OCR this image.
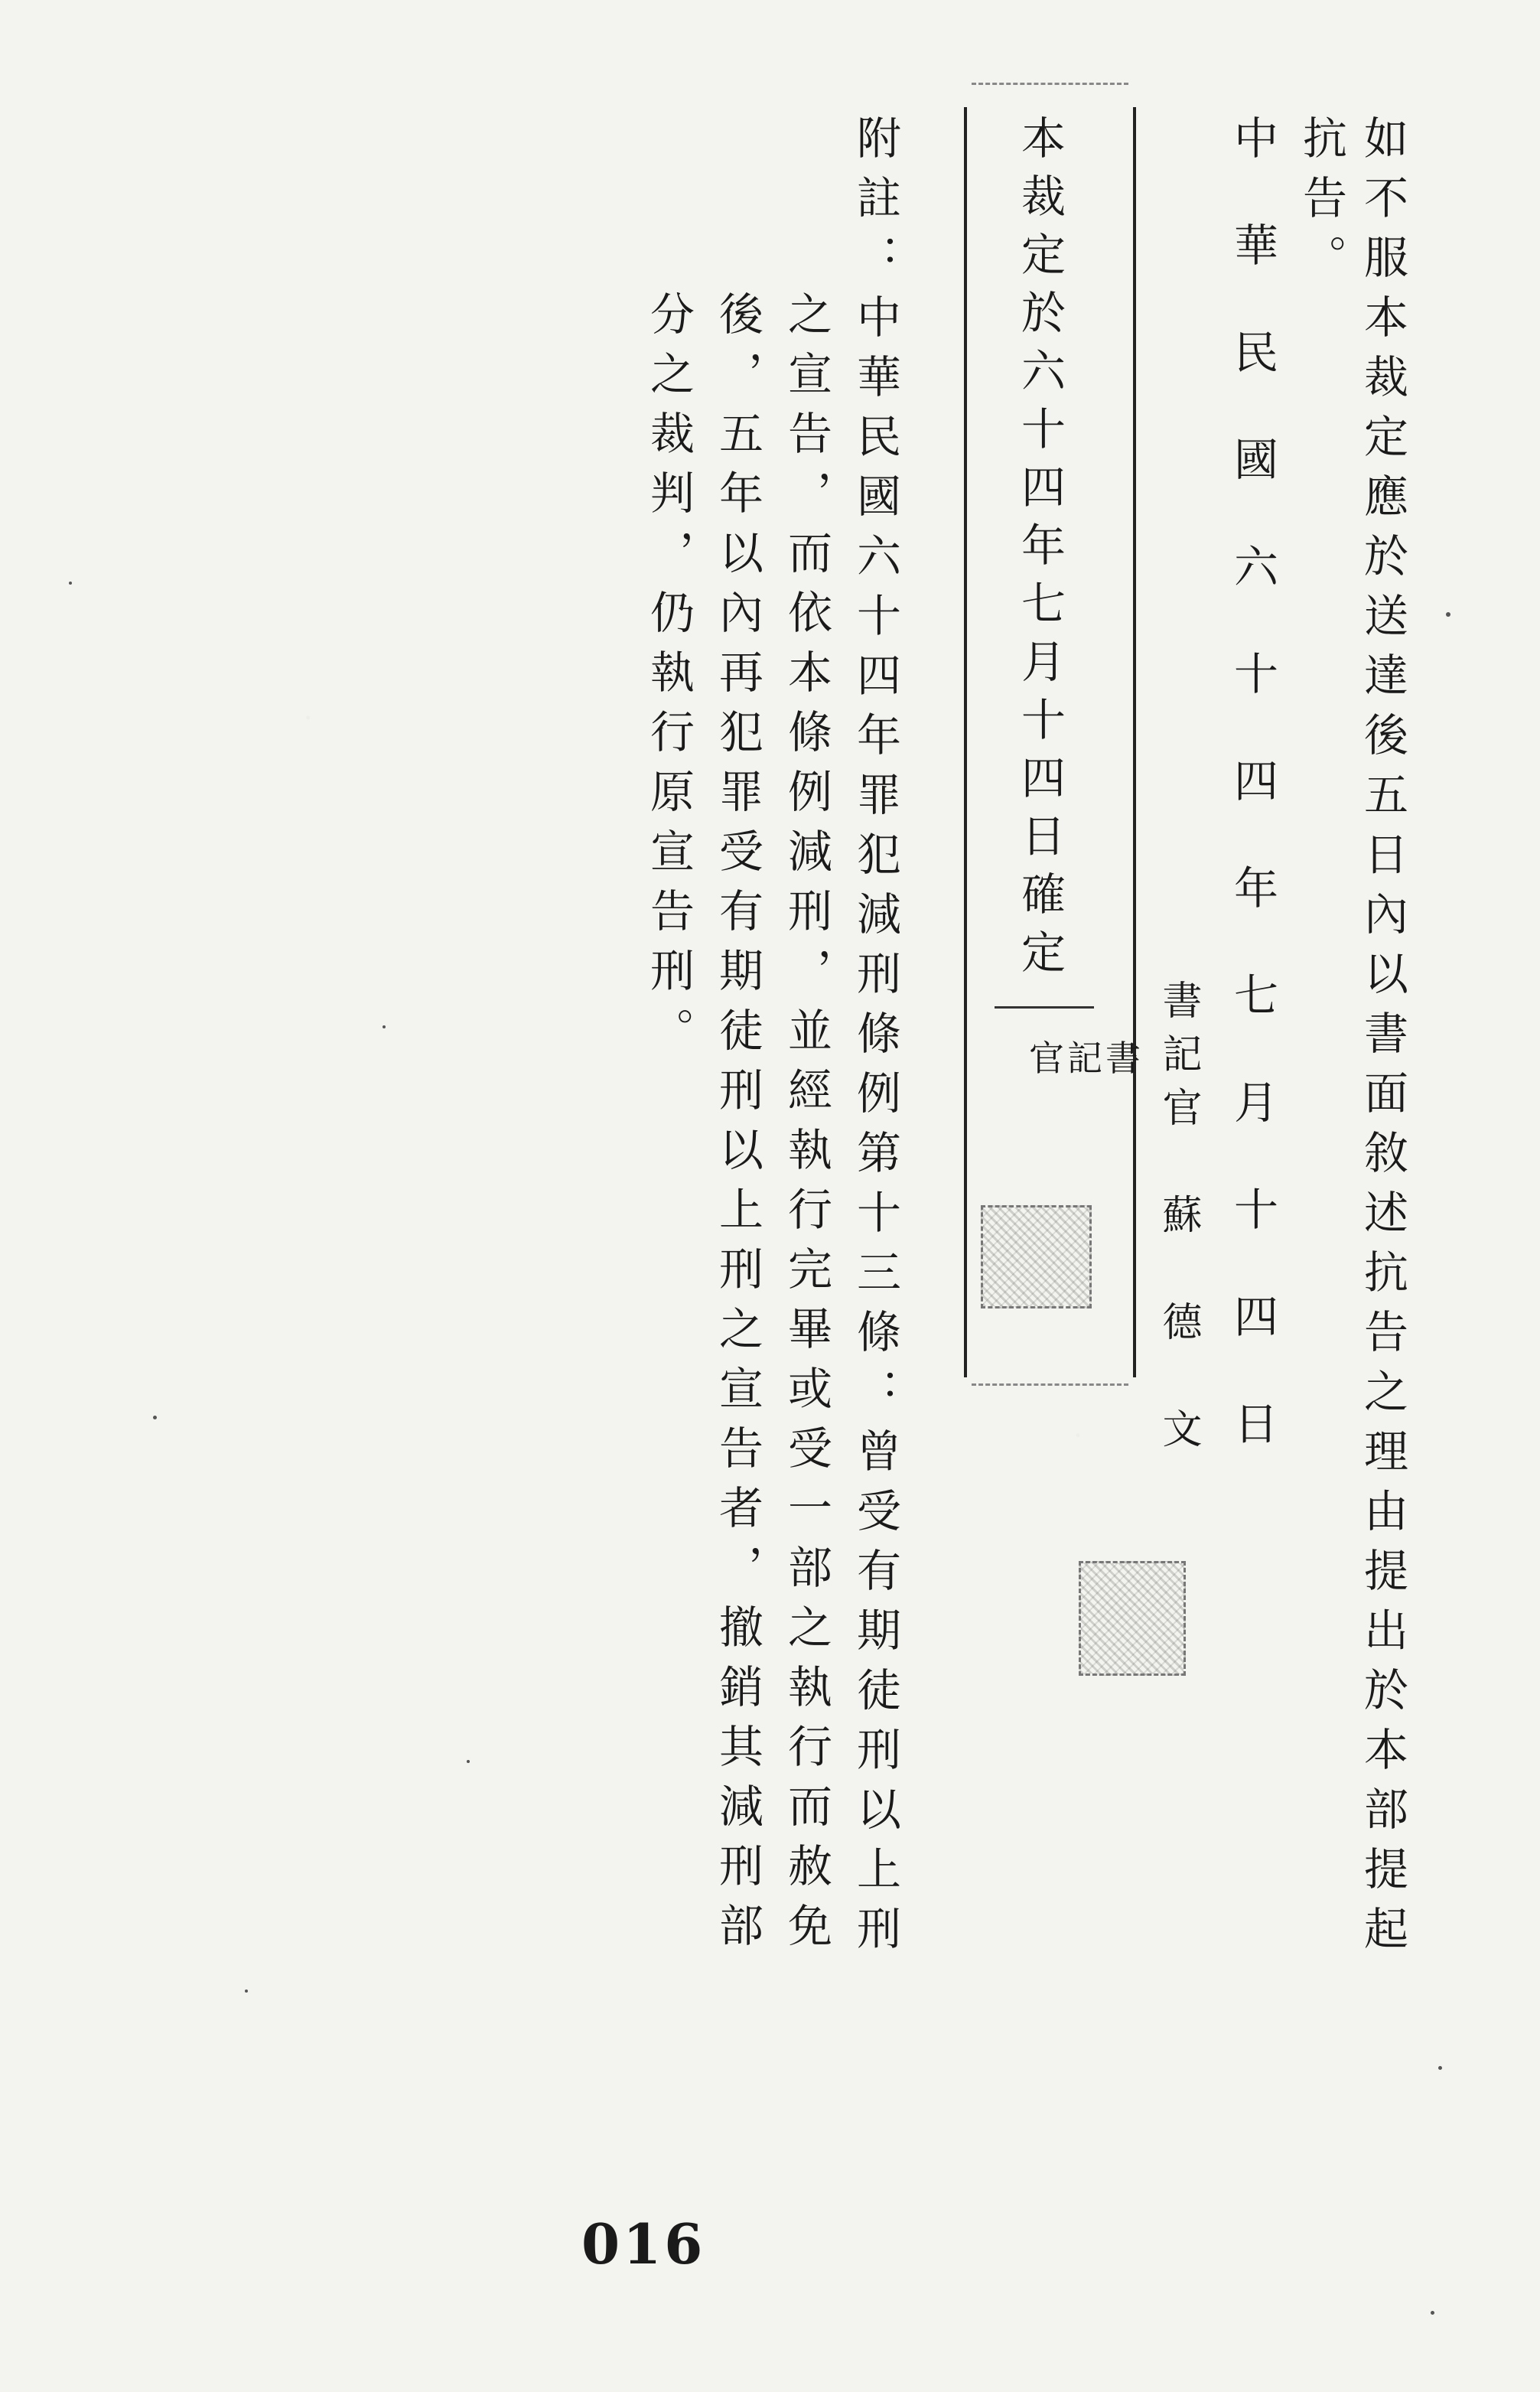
如不服本裁定應於送達後五日內以書面敘述抗告之理由提出於本部提起
抗告。
中　華　民　國　六　十　四　年　七　月　十　四　日
書記官　蘇　德　文
本裁定於六十四年七月十四日確定
書記官
附註：中華民國六十四年罪犯減刑條例第十三條：曾受有期徒刑以上刑
之宣告，而依本條例減刑，並經執行完畢或受一部之執行而赦免
後，五年以內再犯罪受有期徒刑以上刑之宣告者，撤銷其減刑部
分之裁判，仍執行原宣告刑。
016
